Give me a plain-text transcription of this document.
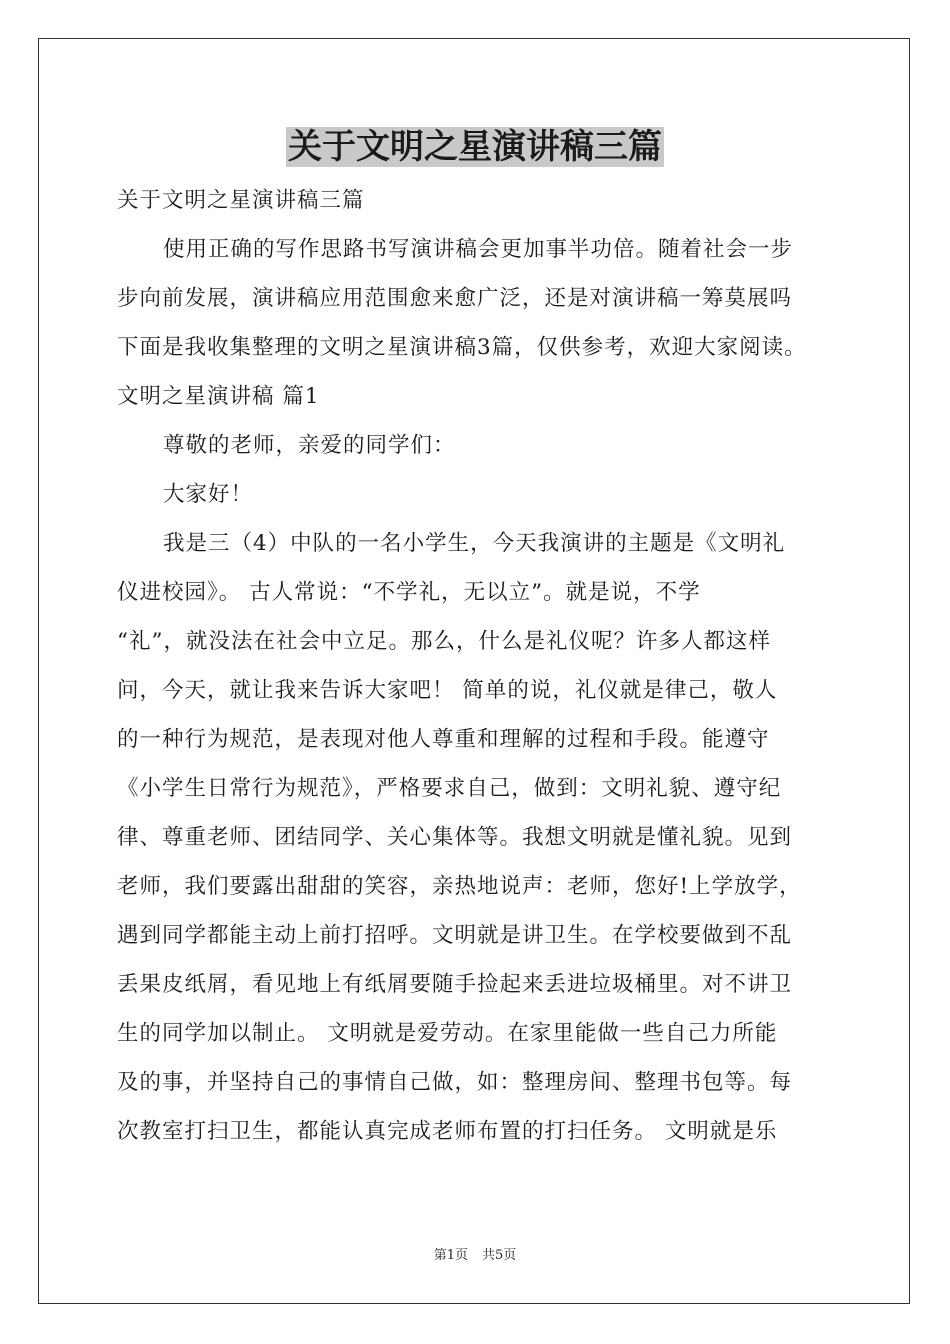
关于文明之星演讲稿三篇
关于文明之星演讲稿三篇
使用正确的写作思路书写演讲稿会更加事半功倍。随着社会一步
步向前发展，演讲稿应用范围愈来愈广泛，还是对演讲稿一筹莫展吗
下面是我收集整理的文明之星演讲稿3篇，仅供参考，欢迎大家阅读。
文明之星演讲稿 篇1
尊敬的老师，亲爱的同学们：
大家好！
我是三（4）中队的一名小学生，今天我演讲的主题是《文明礼
仪进校园》。 古人常说：“不学礼，无以立”。就是说，不学
“礼”，就没法在社会中立足。那么，什么是礼仪呢？许多人都这样
问，今天，就让我来告诉大家吧！ 简单的说，礼仪就是律己，敬人
的一种行为规范，是表现对他人尊重和理解的过程和手段。能遵守
《小学生日常行为规范》，严格要求自己，做到：文明礼貌、遵守纪
律、尊重老师、团结同学、关心集体等。我想文明就是懂礼貌。见到
老师，我们要露出甜甜的笑容，亲热地说声：老师，您好!上学放学，
遇到同学都能主动上前打招呼。文明就是讲卫生。在学校要做到不乱
丢果皮纸屑，看见地上有纸屑要随手捡起来丢进垃圾桶里。对不讲卫
生的同学加以制止。 文明就是爱劳动。在家里能做一些自己力所能
及的事，并坚持自己的事情自己做，如：整理房间、整理书包等。每
次教室打扫卫生，都能认真完成老师布置的打扫任务。 文明就是乐
第1页 共5页
